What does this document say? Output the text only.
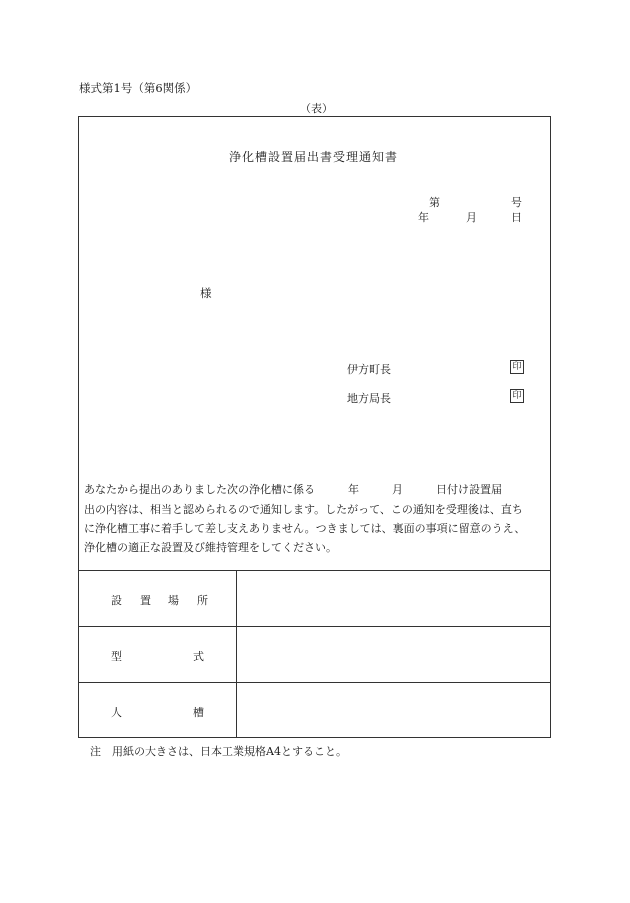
様式第1号（第6関係）
（表）
浄化槽設置届出書受理通知書
第	号
年	月	日
様
伊方町長	印
地方局長	印
あなたから提出のありました次の浄化槽に係る　　　年　　　月　　　日付け設置届
出の内容は、相当と認められるので通知します。したがって、この通知を受理後は、直ち
に浄化槽工事に着手して差し支えありません。つきましては、裏面の事項に留意のうえ、
浄化槽の適正な設置及び維持管理をしてください。
設 置 場 所
型	式
人	槽
注　用紙の大きさは、日本工業規格A4とすること。
